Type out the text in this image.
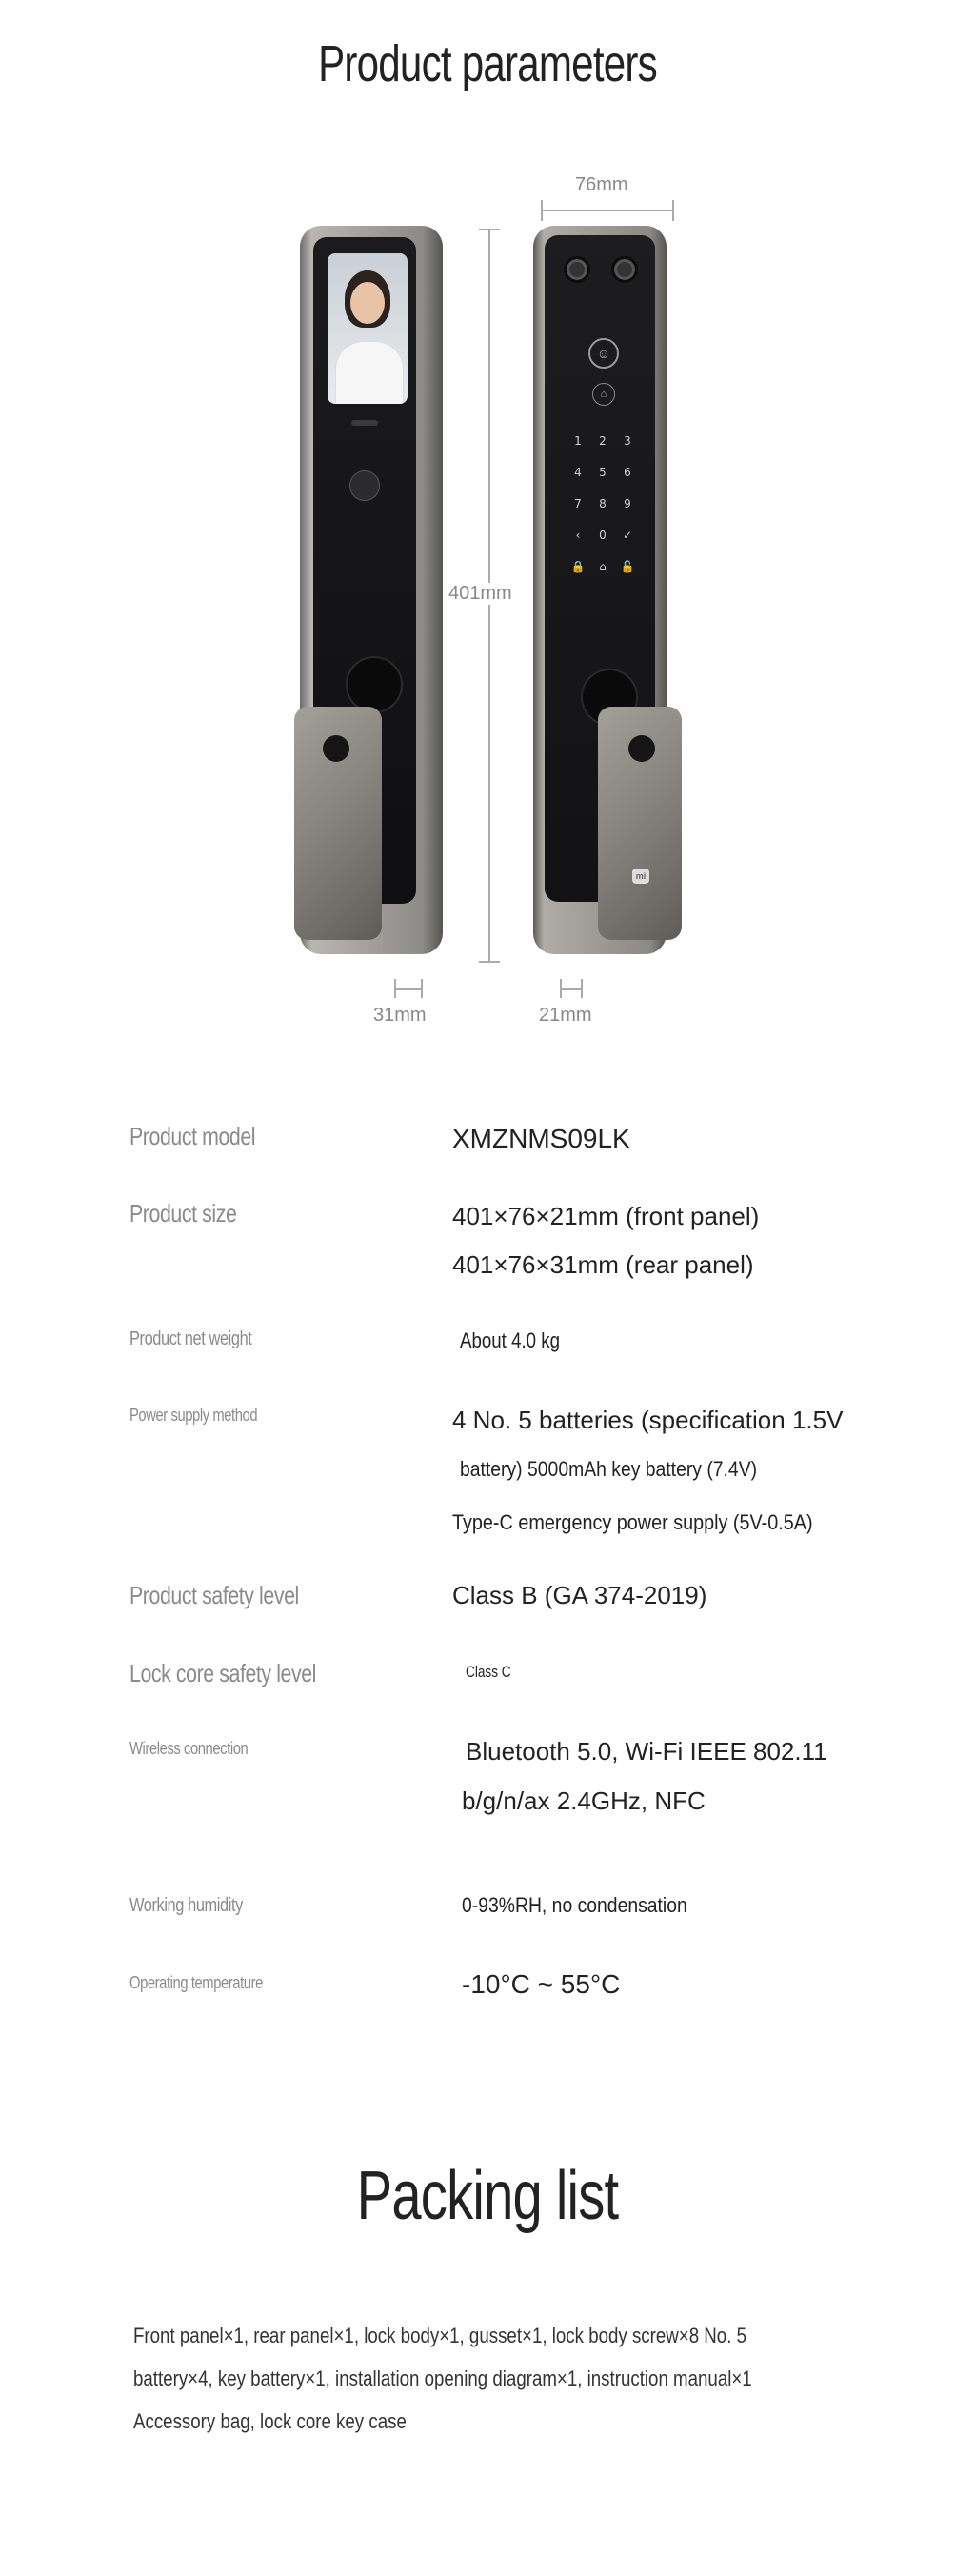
Product parameters
76mm
401mm
31mm	21mm
☺
⌂
1 2 3 4 5 6 7 8 9 ‹ 0 ✓ 🔒 ⌂ 🔓
mi
Product model	XMZNMS09LK
Product size	401×76×21mm (front panel)
401×76×31mm (rear panel)
Product net weight	About 4.0 kg
Power supply method	4 No. 5 batteries (specification 1.5V
battery) 5000mAh key battery (7.4V)
Type-C emergency power supply (5V-0.5A)
Product safety level	Class B (GA 374-2019)
Lock core safety level	Class C
Wireless connection	Bluetooth 5.0, Wi-Fi IEEE 802.11
b/g/n/ax 2.4GHz, NFC
Working humidity	0-93%RH, no condensation
Operating temperature	-10°C ~ 55°C
Packing list
Front panel×1, rear panel×1, lock body×1, gusset×1, lock body screw×8 No. 5
battery×4, key battery×1, installation opening diagram×1, instruction manual×1
Accessory bag, lock core key case
